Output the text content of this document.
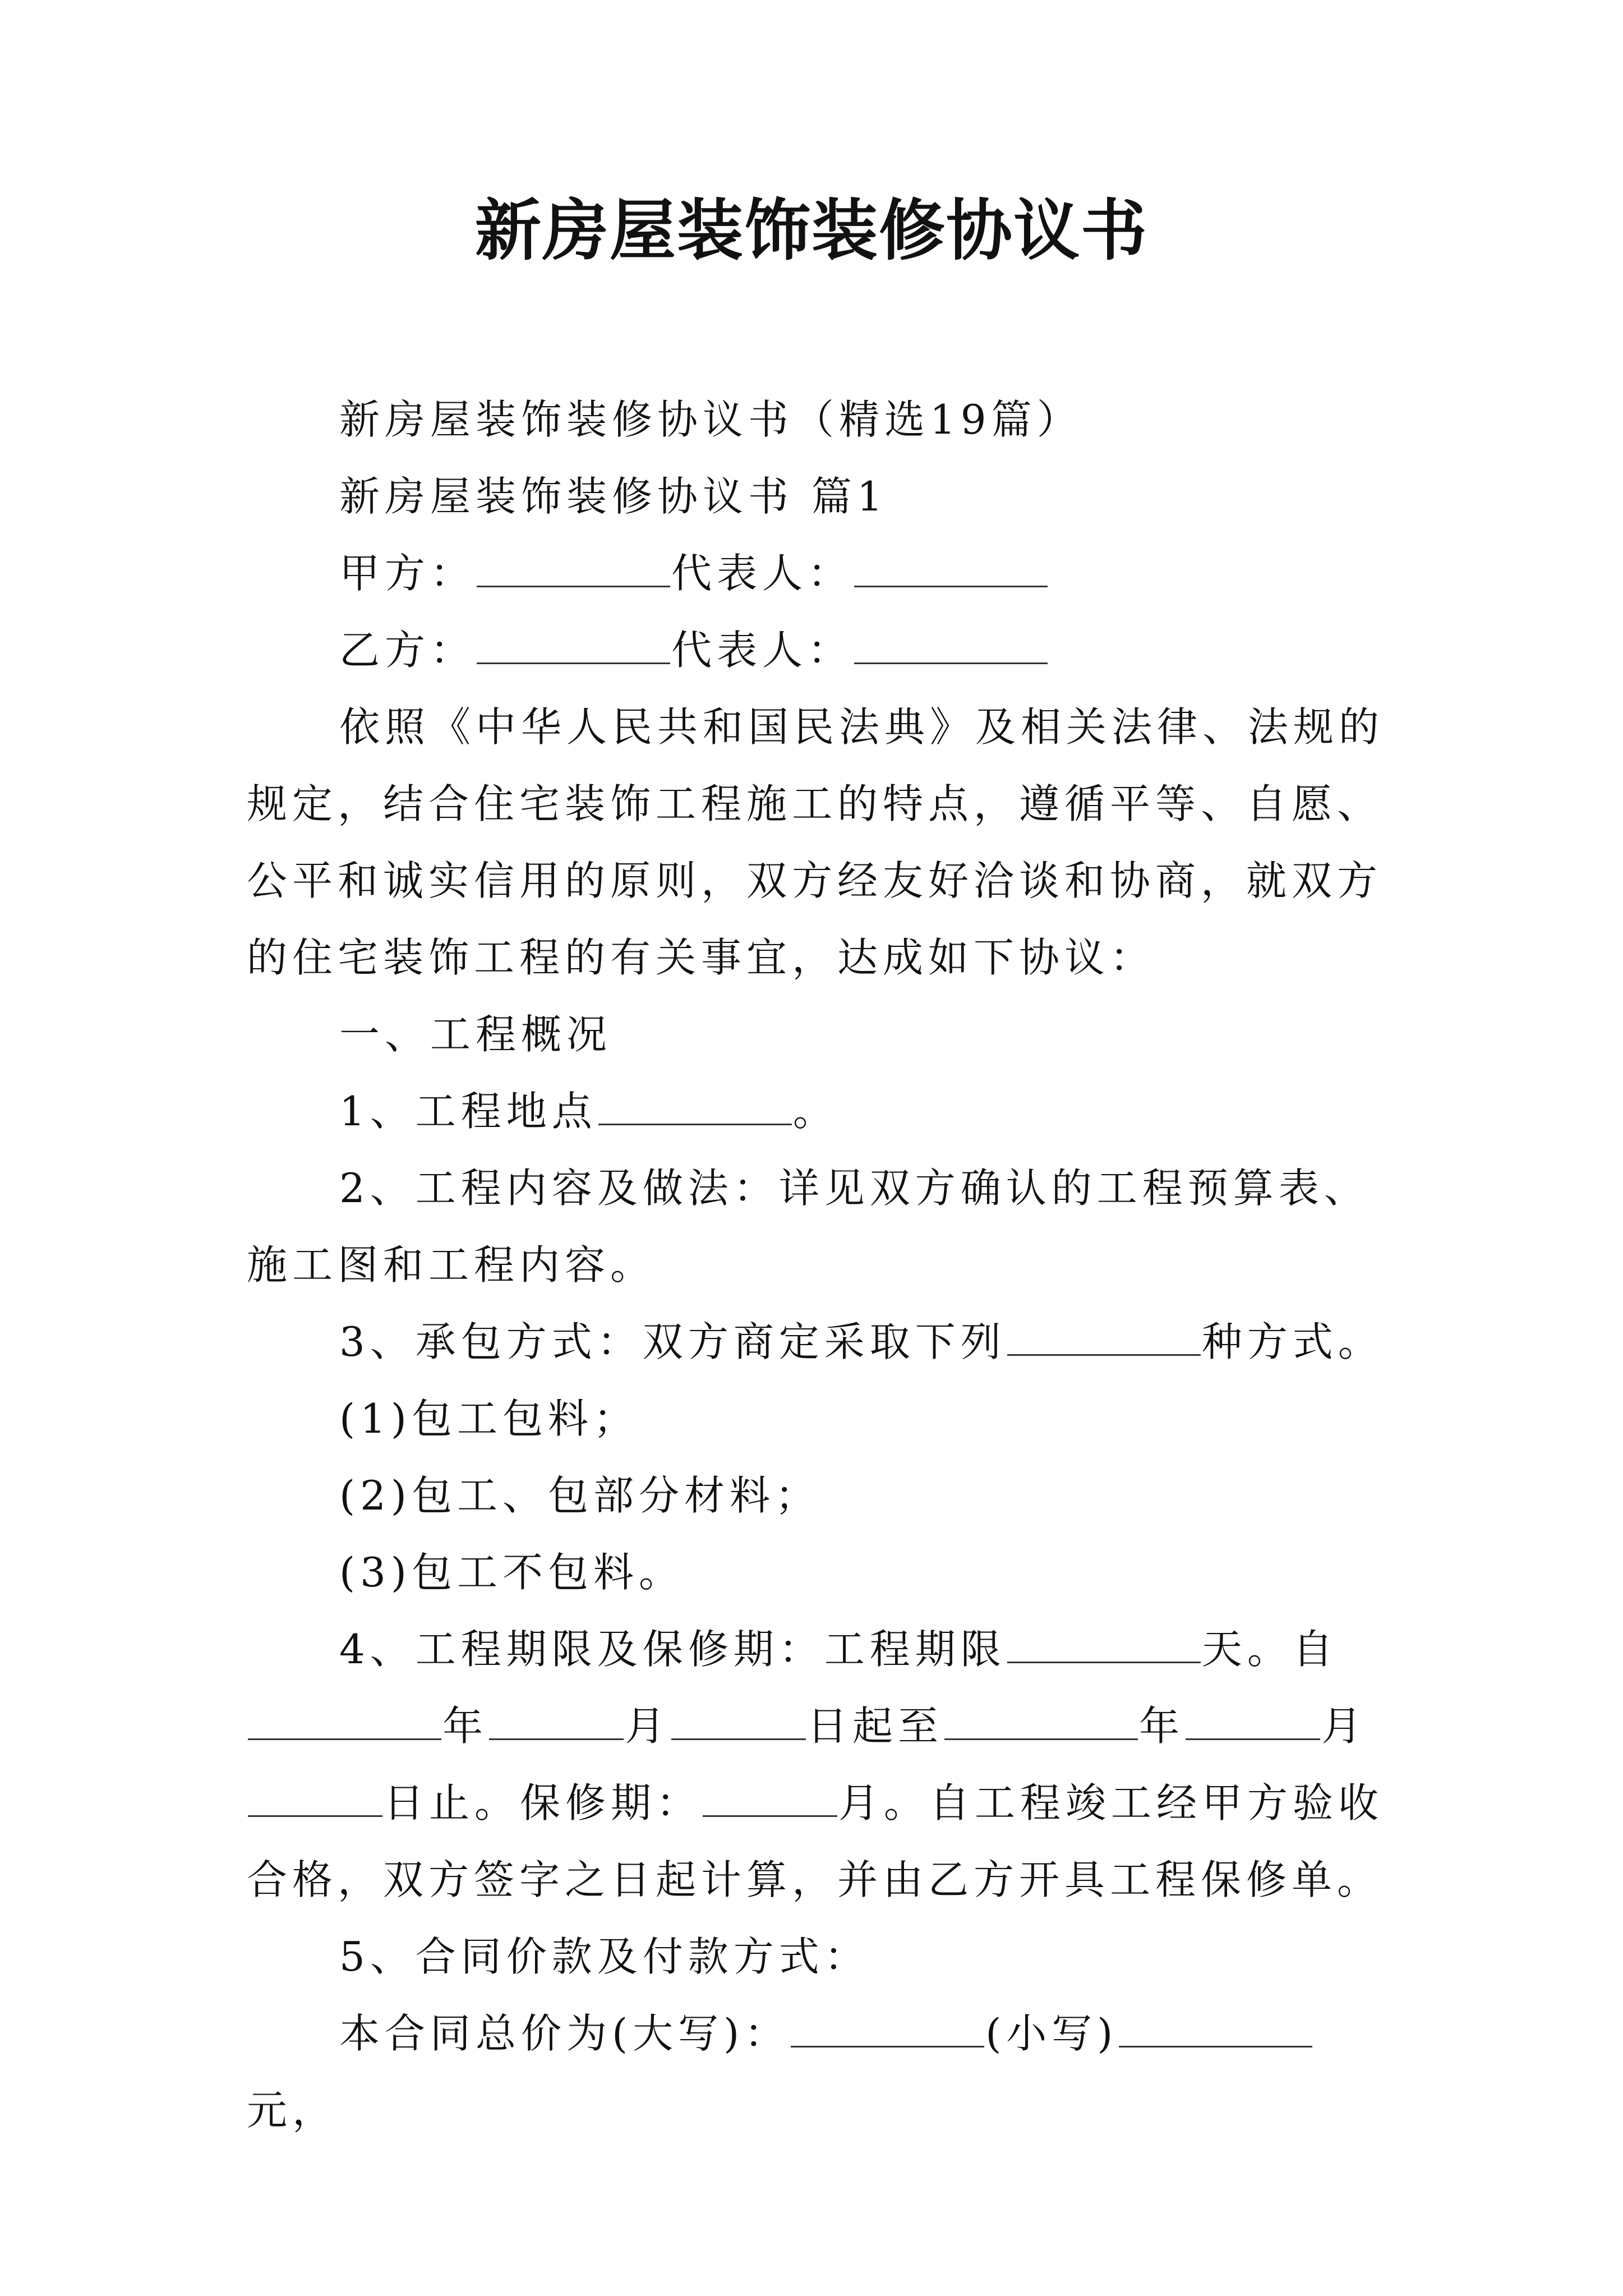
新房屋装饰装修协议书

新房屋装饰装修协议书（精选19篇）

新房屋装饰装修协议书 篇1

甲方：	代表人：

乙方：	代表人：

依照《中华人民共和国民法典》及相关法律、法规的规定，结合住宅装饰工程施工的特点，遵循平等、自愿、公平和诚实信用的原则，双方经友好洽谈和协商，就双方的住宅装饰工程的有关事宜，达成如下协议：

一、工程概况

1、工程地点	。

2、工程内容及做法：详见双方确认的工程预算表、施工图和工程内容。

3、承包方式：双方商定采取下列	种方式。

(1)包工包料；

(2)包工、包部分材料；

(3)包工不包料。

4、工程期限及保修期：工程期限	天。自年	月	日起至	年	月日止。保修期：	月。自工程竣工经甲方验收合格，双方签字之日起计算，并由乙方开具工程保修单。

5、合同价款及付款方式：

本合同总价为(大写)：	(小写)元，
